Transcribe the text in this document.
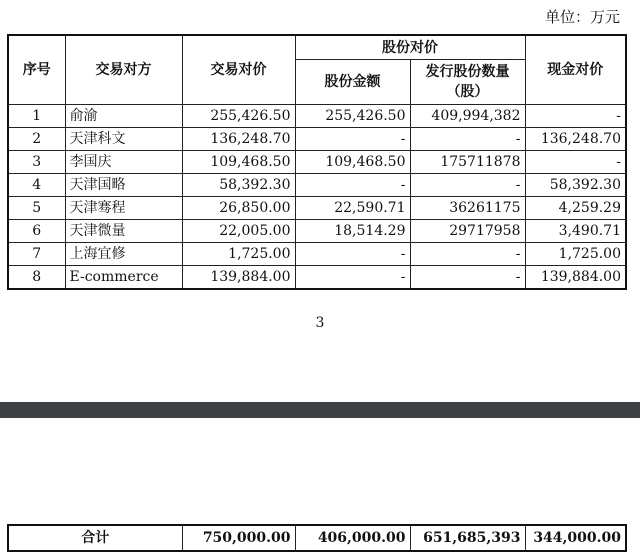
单位：万元
序号	交易对方	交易对价	股份对价		现金对价
			股份金额	发行股份数量
（股）	

1	俞渝	255,426.50	255,426.50	409,994,382	-
2	天津科文	136,248.70	-	-	136,248.70
3	李国庆	109,468.50	109,468.50	175711878	-
4	天津国略	58,392.30	-	-	58,392.30
5	天津骞程	26,850.00	22,590.71	36261175	4,259.29
6	天津微量	22,005.00	18,514.29	29717958	3,490.71
7	上海宜修	1,725.00	-	-	1,725.00
8	E-commerce	139,884.00	-	-	139,884.00
3
合计	750,000.00	406,000.00	651,685,393	344,000.00
